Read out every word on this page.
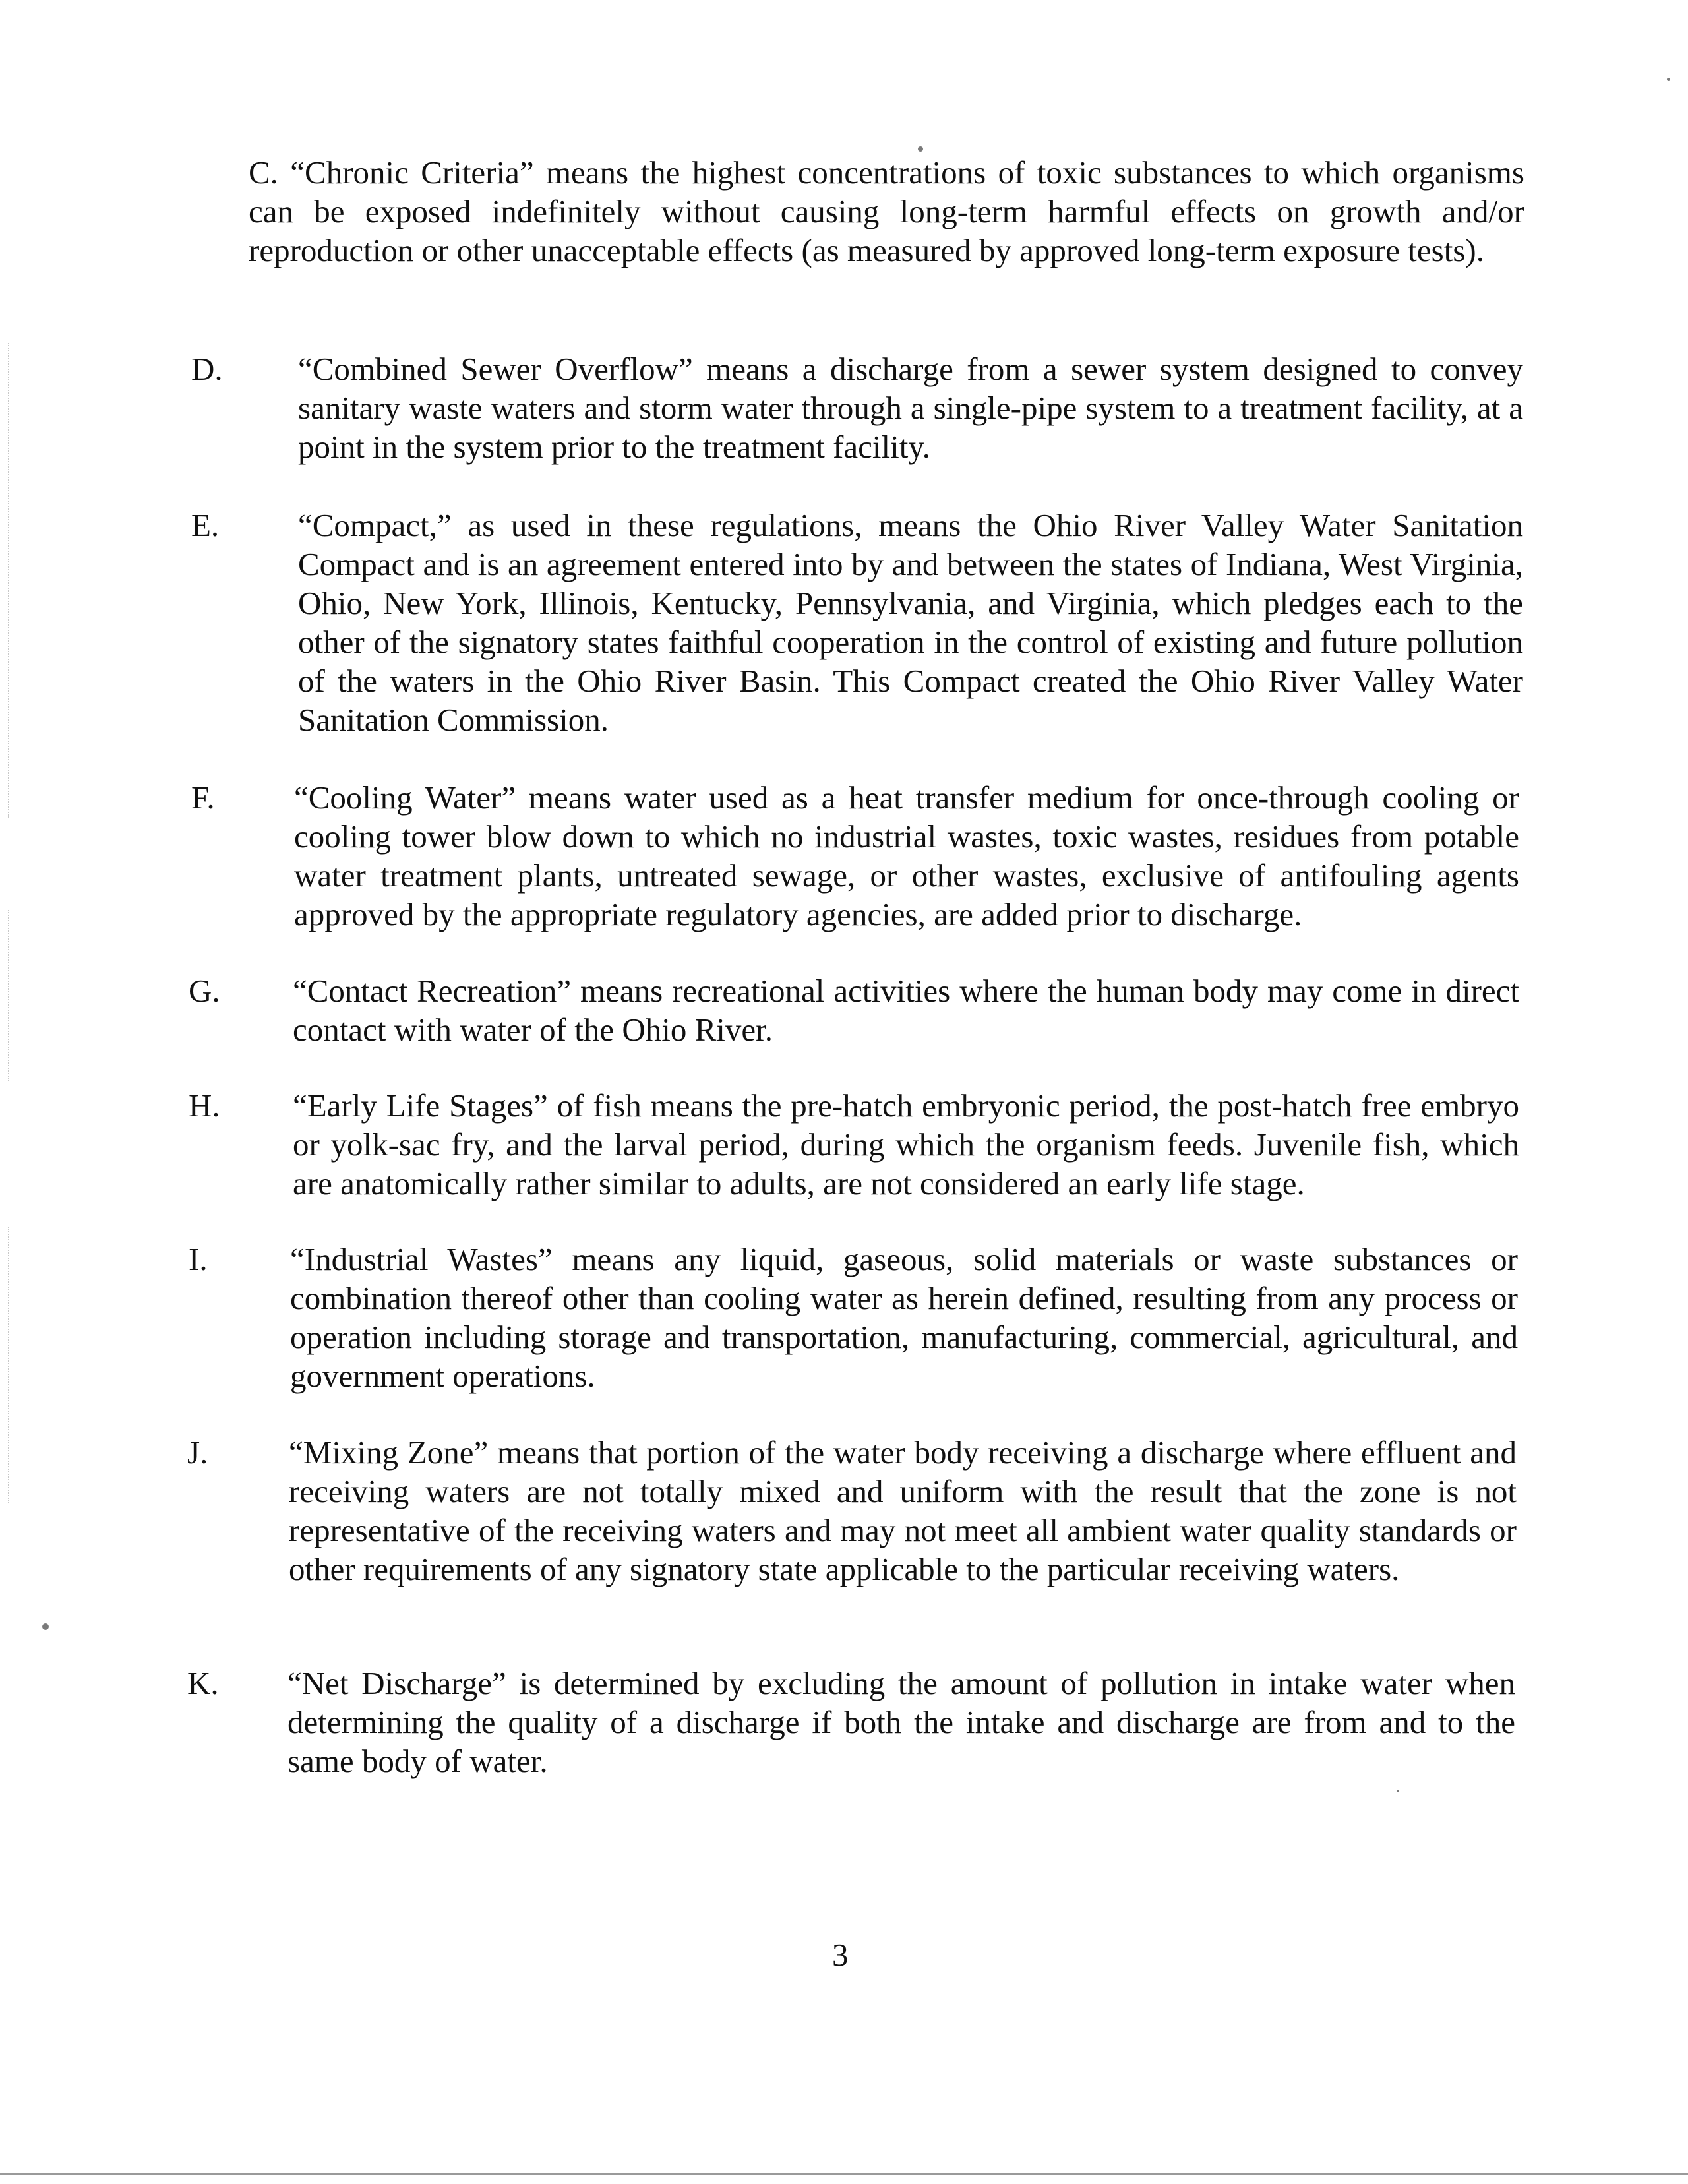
C. “Chronic Criteria” means the highest concentrations of toxic substances to which organisms can be exposed indefinitely without causing long-term harmful effects on growth and/or reproduction or other unacceptable effects (as measured by approved long-term exposure tests).

D. “Combined Sewer Overflow” means a discharge from a sewer system designed to convey sanitary waste waters and storm water through a single-pipe system to a treatment facility, at a point in the system prior to the treatment facility.

E. “Compact,” as used in these regulations, means the Ohio River Valley Water Sanitation Compact and is an agreement entered into by and between the states of Indiana, West Virginia, Ohio, New York, Illinois, Kentucky, Pennsylvania, and Virginia, which pledges each to the other of the signatory states faithful cooperation in the control of existing and future pollution of the waters in the Ohio River Basin. This Compact created the Ohio River Valley Water Sanitation Commission.

F. “Cooling Water” means water used as a heat transfer medium for once-through cooling or cooling tower blow down to which no industrial wastes, toxic wastes, residues from potable water treatment plants, untreated sewage, or other wastes, exclusive of antifouling agents approved by the appropriate regulatory agencies, are added prior to discharge.

G. “Contact Recreation” means recreational activities where the human body may come in direct contact with water of the Ohio River.

H. “Early Life Stages” of fish means the pre-hatch embryonic period, the post-hatch free embryo or yolk-sac fry, and the larval period, during which the organism feeds. Juvenile fish, which are anatomically rather similar to adults, are not considered an early life stage.

I.	“Industrial Wastes” means any liquid, gaseous, solid materials or waste substances or combination thereof other than cooling water as herein defined, resulting from any process or operation including storage and transportation, manufacturing, commercial, agricultural, and government operations.

J.	“Mixing Zone” means that portion of the water body receiving a discharge where effluent and receiving waters are not totally mixed and uniform with the result that the zone is not representative of the receiving waters and may not meet all ambient water quality standards or other requirements of any signatory state applicable to the particular receiving waters.

K. “Net Discharge” is determined by excluding the amount of pollution in intake water when determining the quality of a discharge if both the intake and discharge are from and to the same body of water.

3
